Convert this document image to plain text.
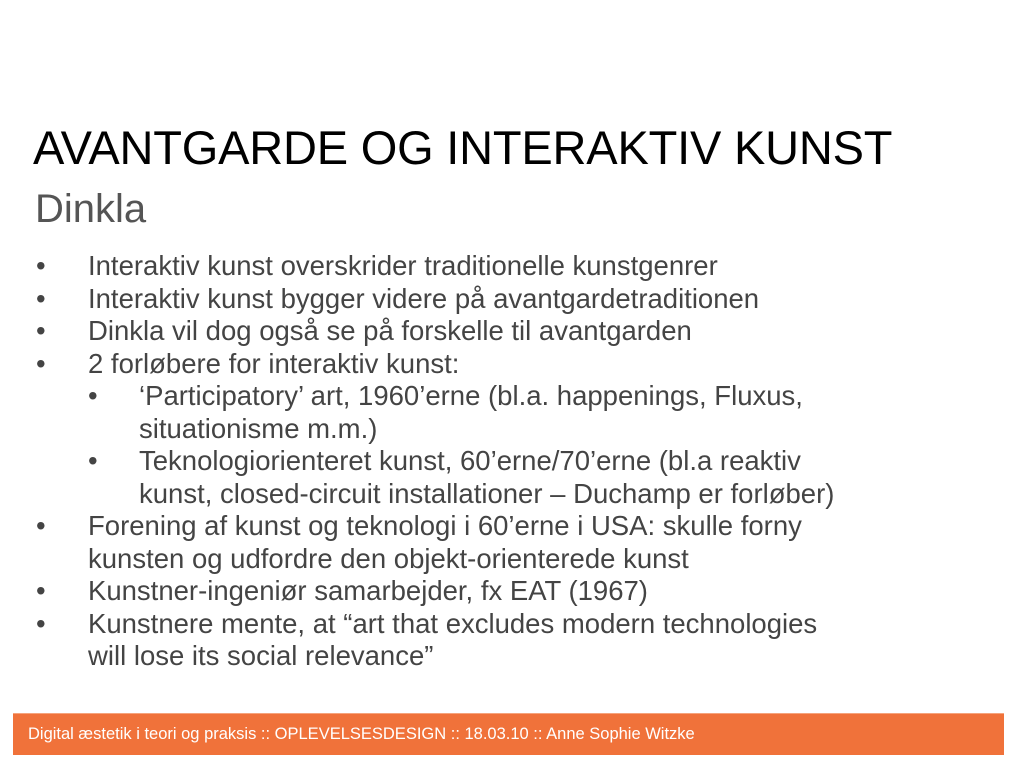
AVANTGARDE OG INTERAKTIV KUNST
Dinkla
• Interaktiv kunst overskrider traditionelle kunstgenrer
• Interaktiv kunst bygger videre på avantgardetraditionen
• Dinkla vil dog også se på forskelle til avantgarden
• 2 forløbere for interaktiv kunst:
• ‘Participatory’ art, 1960’erne (bl.a. happenings, Fluxus,
situationisme m.m.)
• Teknologiorienteret kunst, 60’erne/70’erne (bl.a reaktiv
kunst, closed-circuit installationer – Duchamp er forløber)
• Forening af kunst og teknologi i 60’erne i USA: skulle forny
kunsten og udfordre den objekt-orienterede kunst
• Kunstner-ingeniør samarbejder, fx EAT (1967)
• Kunstnere mente, at “art that excludes modern technologies
will lose its social relevance”
Digital æstetik i teori og praksis :: OPLEVELSESDESIGN :: 18.03.10 :: Anne Sophie Witzke
